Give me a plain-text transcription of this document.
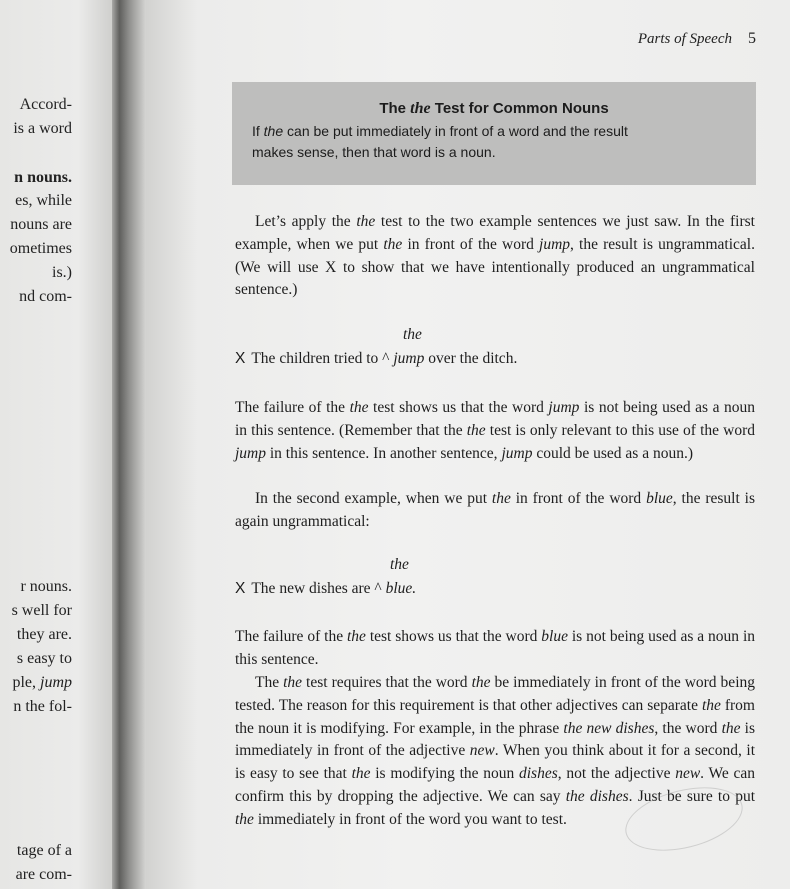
Accord-
is a word
n nouns.
es, while
nouns are
ometimes
is.)
nd com-
r nouns.
s well for
they are.
s easy to
ple, jump
n the fol-
tage of a
are com-
Parts of Speech 5
The the Test for Common Nouns
If the can be put immediately in front of a word and the result
makes sense, then that word is a noun.
Let’s apply the the test to the two example sentences we just saw. In the first example, when we put the in front of the word jump, the result is ungrammatical. (We will use X to show that we have intentionally produced an ungrammatical sentence.)
the
X The children tried to ^ jump over the ditch.
The failure of the the test shows us that the word jump is not being used as a noun in this sentence. (Remember that the the test is only relevant to this use of the word jump in this sentence. In another sentence, jump could be used as a noun.)
In the second example, when we put the in front of the word blue, the result is again ungrammatical:
the
X The new dishes are ^ blue.
The failure of the the test shows us that the word blue is not being used as a noun in this sentence.
The the test requires that the word the be immediately in front of the word being tested. The reason for this requirement is that other adjectives can separate the from the noun it is modifying. For example, in the phrase the new dishes, the word the is immediately in front of the adjective new. When you think about it for a second, it is easy to see that the is modifying the noun dishes, not the adjective new. We can confirm this by dropping the adjective. We can say the dishes. Just be sure to put the immediately in front of the word you want to test.
